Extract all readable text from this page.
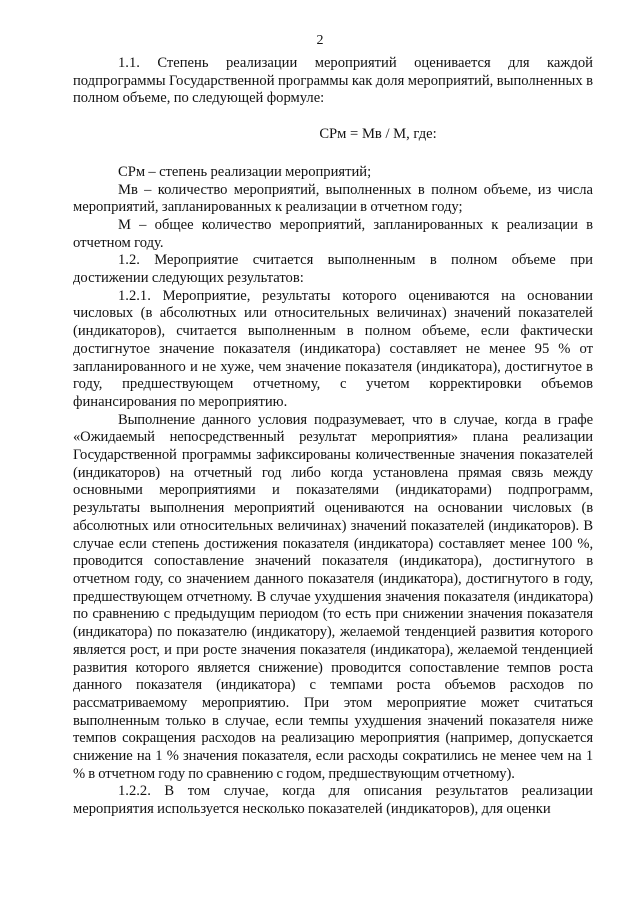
2

1.1. Степень реализации мероприятий оценивается для каждой подпрограммы Государственной программы как доля мероприятий, выполненных в полном объеме, по следующей формуле:

СРм = Мв / М, где:

СРм – степень реализации мероприятий;

Мв – количество мероприятий, выполненных в полном объеме, из числа мероприятий, запланированных к реализации в отчетном году;

М – общее количество мероприятий, запланированных к реализации в отчетном году.

1.2. Мероприятие считается выполненным в полном объеме при достижении следующих результатов:

1.2.1. Мероприятие, результаты которого оцениваются на основании числовых (в абсолютных или относительных величинах) значений показателей (индикаторов), считается выполненным в полном объеме, если фактически достигнутое значение показателя (индикатора) составляет не менее 95 % от запланированного и не хуже, чем значение показателя (индикатора), достигнутое в году, предшествующем отчетному, с учетом корректировки объемов финансирования по мероприятию.

Выполнение данного условия подразумевает, что в случае, когда в графе «Ожидаемый непосредственный результат мероприятия» плана реализации Государственной программы зафиксированы количественные значения показателей (индикаторов) на отчетный год либо когда установлена прямая связь между основными мероприятиями и показателями (индикаторами) подпрограмм, результаты выполнения мероприятий оцениваются на основании числовых (в абсолютных или относительных величинах) значений показателей (индикаторов). В случае если степень достижения показателя (индикатора) составляет менее 100 %, проводится сопоставление значений показателя (индикатора), достигнутого в отчетном году, со значением данного показателя (индикатора), достигнутого в году, предшествующем отчетному. В случае ухудшения значения показателя (индикатора) по сравнению с предыдущим периодом (то есть при снижении значения показателя (индикатора) по показателю (индикатору), желаемой тенденцией развития которого является рост, и при росте значения показателя (индикатора), желаемой тенденцией развития которого является снижение) проводится сопоставление темпов роста данного показателя (индикатора) с темпами роста объемов расходов по рассматриваемому мероприятию. При этом мероприятие может считаться выполненным только в случае, если темпы ухудшения значений показателя ниже темпов сокращения расходов на реализацию мероприятия (например, допускается снижение на 1 % значения показателя, если расходы сократились не менее чем на 1 % в отчетном году по сравнению с годом, предшествующим отчетному).

1.2.2. В том случае, когда для описания результатов реализации мероприятия используется несколько показателей (индикаторов), для оценки
